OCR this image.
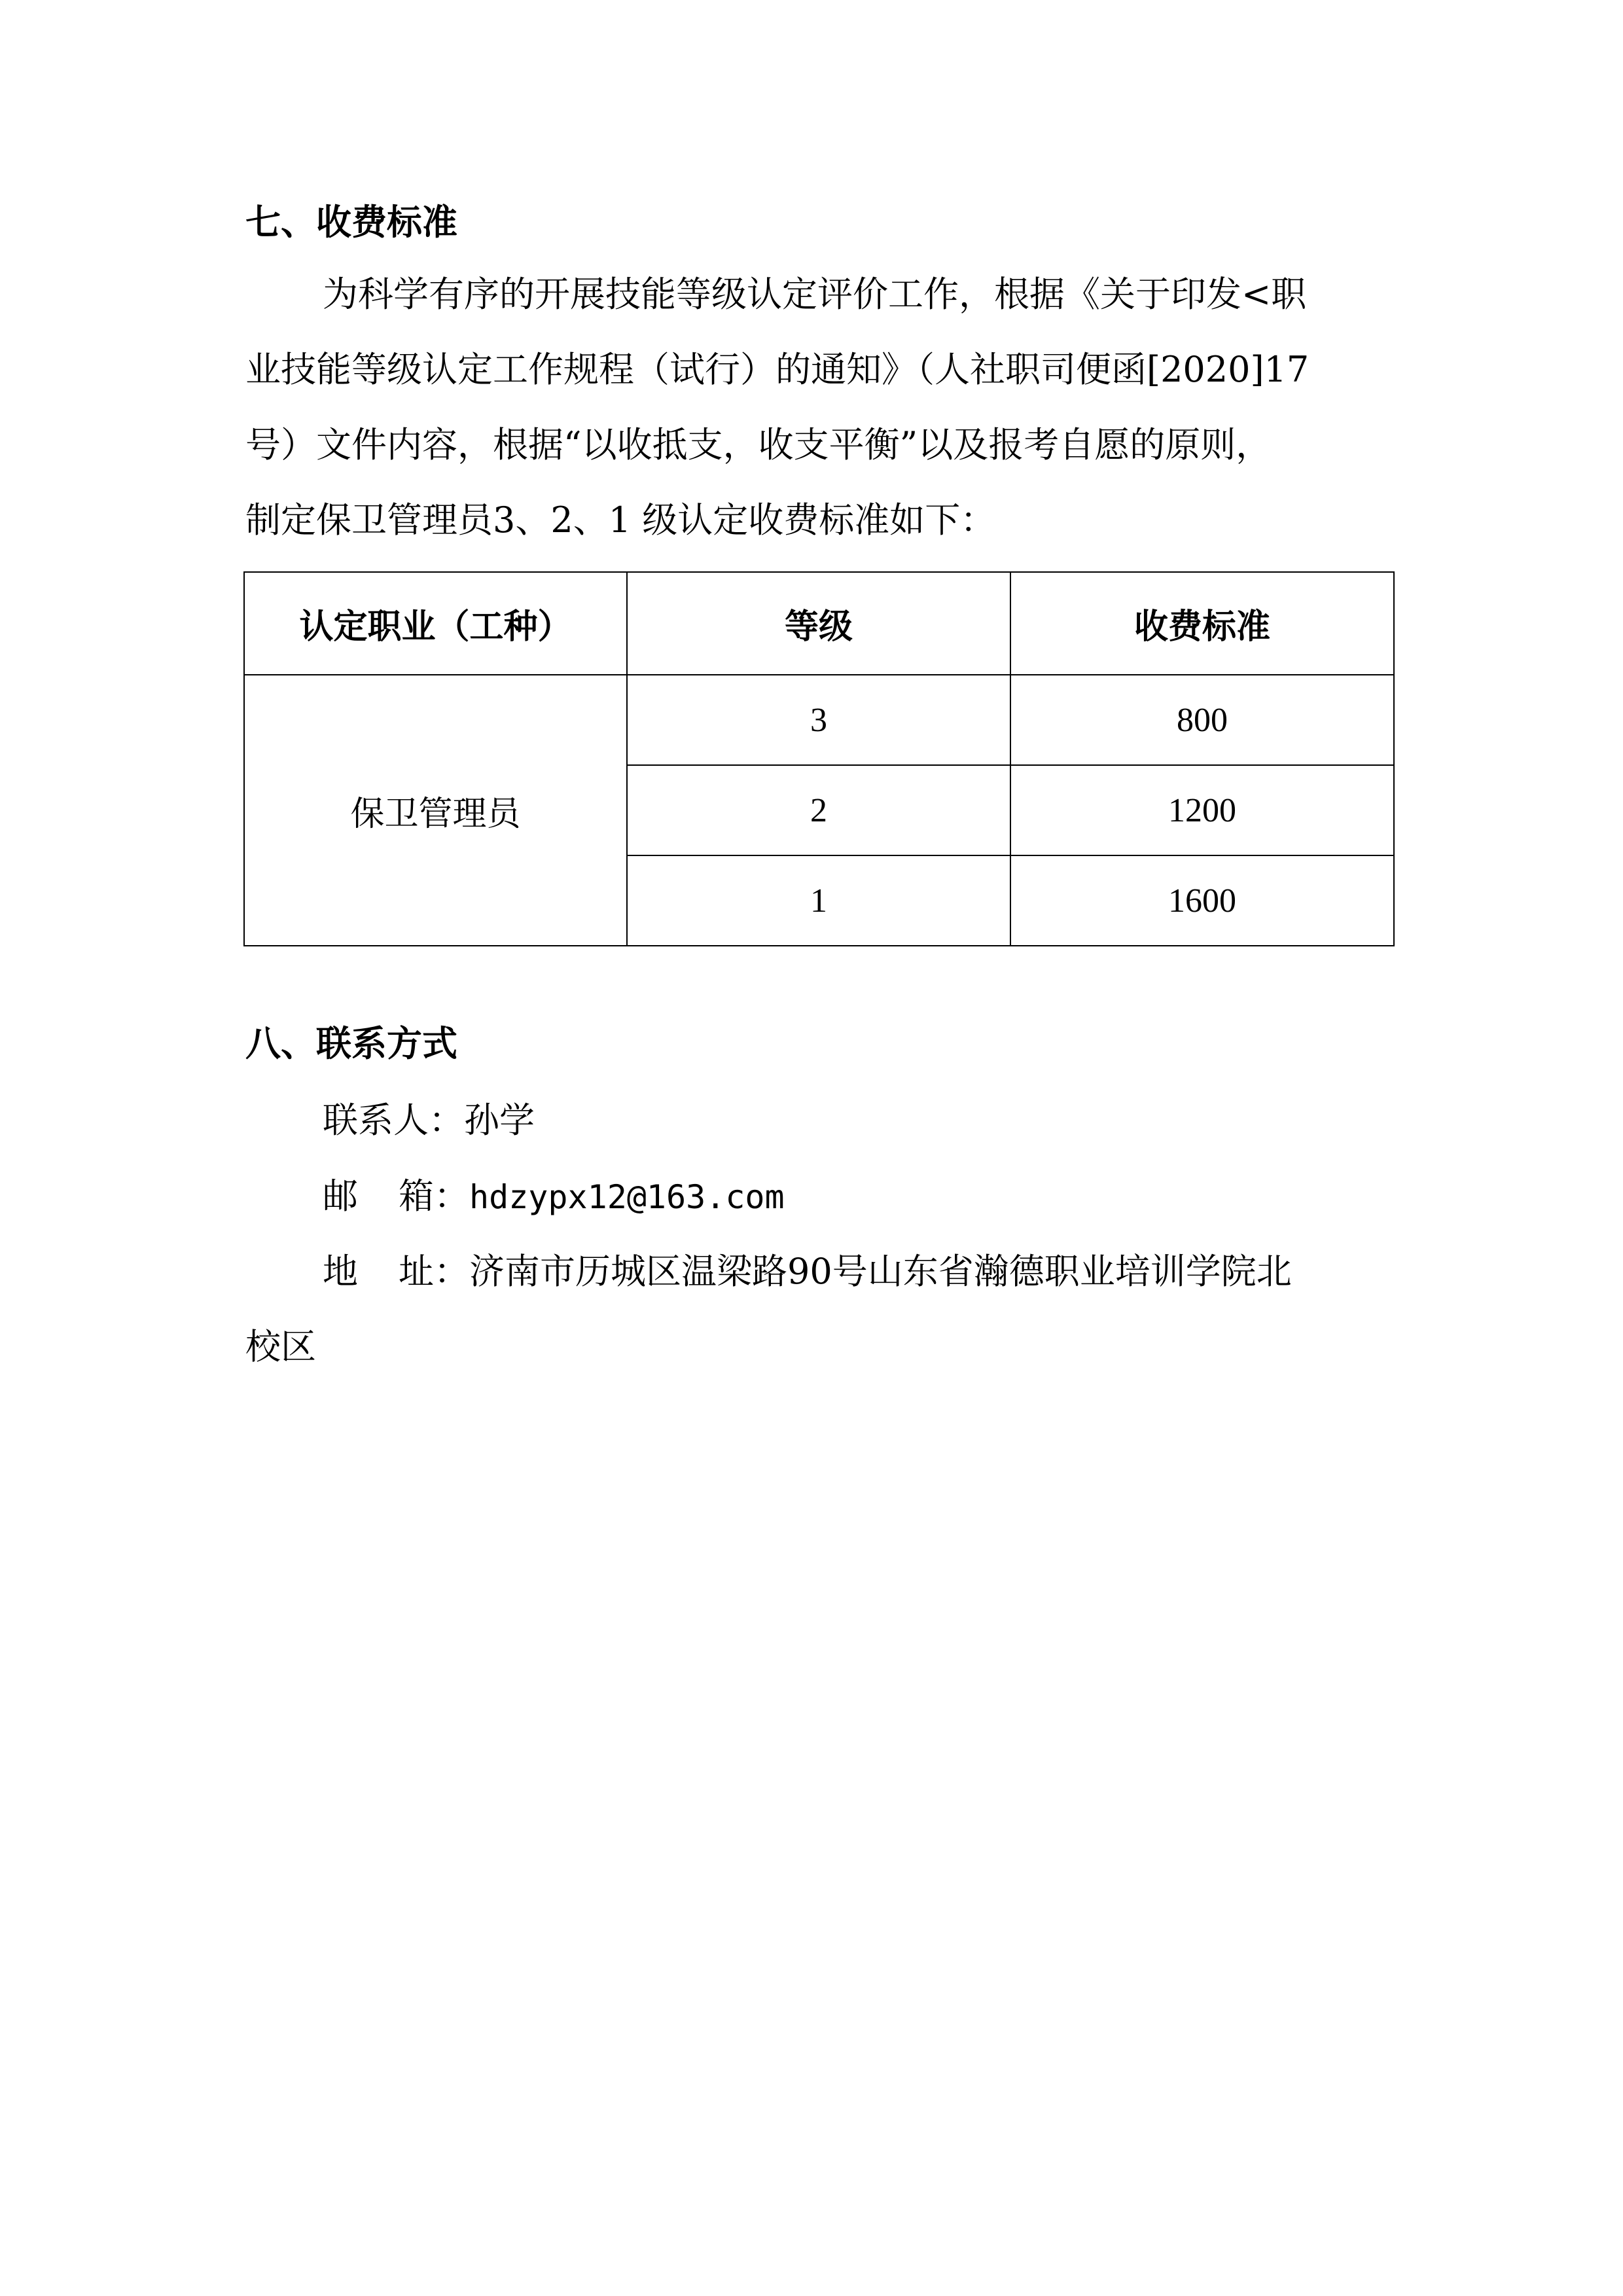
七、收费标准
为科学有序的开展技能等级认定评价工作，根据《关于印发<职
业技能等级认定工作规程（试行）的通知》（人社职司便函[2020]17
号）文件内容，根据“以收抵支，收支平衡”以及报考自愿的原则，
制定保卫管理员3、2、1 级认定收费标准如下：
认定职业（工种）	等级	收费标准
保卫管理员	3	800
	2	1200
	1	1600
八、联系方式
联系人：孙学
邮 箱：hdzypx12@163.com
地 址：济南市历城区温梁路90号山东省瀚德职业培训学院北
校区
